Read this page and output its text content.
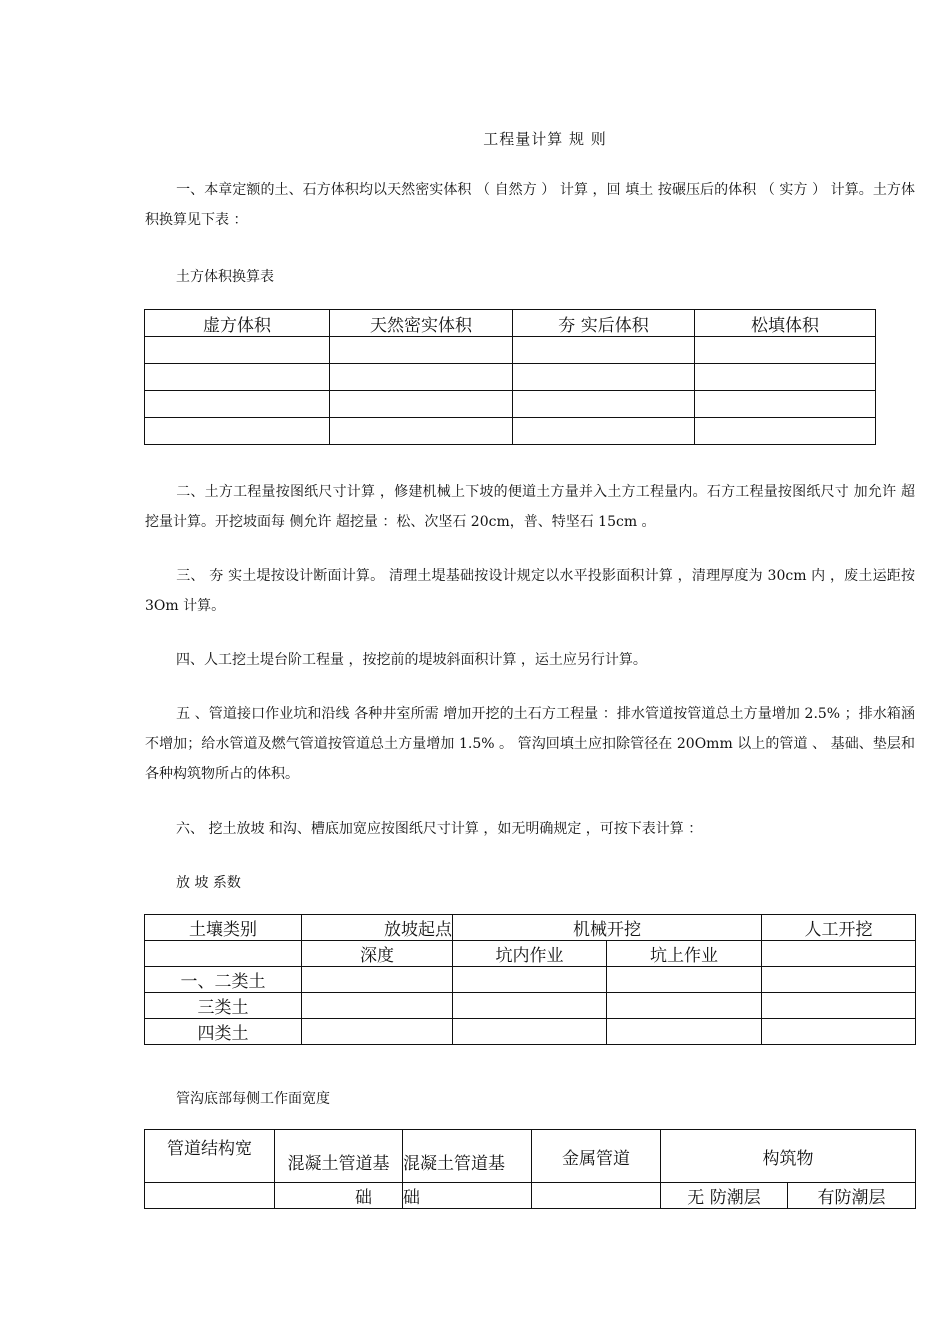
工程量计算 规 则
一、本章定额的土、石方体积均以天然密实体积 （ 自然方 ） 计算 ，回 填土 按碾压后的体积 （ 实方 ） 计算。土方体积换算见下表 ：
土方体积换算表
虚方体积	天然密实体积	夯 实后体积	松填体积

二、土方工程量按图纸尺寸计算 ，修建机械上下坡的便道土方量并入土方工程量内。石方工程量按图纸尺寸 加允许 超挖量计算。开挖坡面每 侧允许 超挖量 ：松、次坚石 20cm，普、特坚石 15cm 。
三、 夯 实土堤按设计断面计算。 清理土堤基础按设计规定以水平投影面积计算 ，清理厚度为 30cm 内 ，废土运距按 3Om 计算。
四、人工挖土堤台阶工程量 ，按挖前的堤坡斜面积计算 ，运土应另行计算。
五 、管道接口作业坑和沿线 各种井室所需 增加开挖的土石方工程量 ：排水管道按管道总土方量增加 2.5% ；排水箱涵不增加；给水管道及燃气管道按管道总土方量增加 1.5% 。 管沟回填土应扣除管径在 20Omm 以上的管道 、 基础、垫层和各种构筑物所占的体积。
六、 挖土放坡 和沟、槽底加宽应按图纸尺寸计算 ，如无明确规定 ，可按下表计算 ：
放 坡 系数
土壤类别	放坡起点	机械开挖		人工开挖
	深度	坑内作业	坑上作业	
一、二类土				
三类土				
四类土				
管沟底部每侧工作面宽度
管道结构宽	混凝土管道基	混凝土管道基	金属管道	构筑物	
	础	础		无 防潮层	有防潮层
